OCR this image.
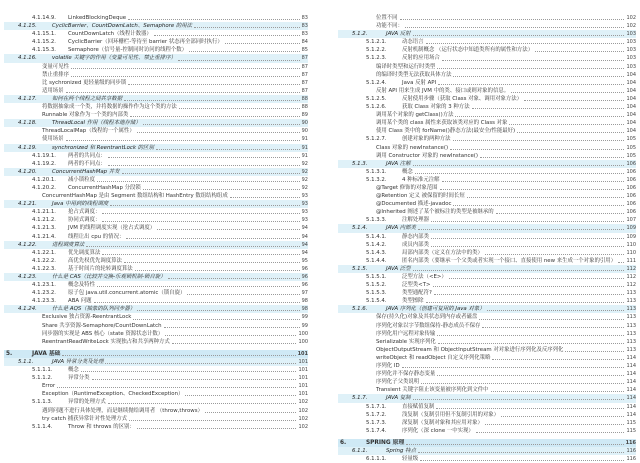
4.1.14.9.	LinkedBlockingDeque	83
4.1.15.	CyclicBarrier、CountDownLatch、Semaphore 的用法	83
4.1.15.1.	CountDownLatch（线程计数器）	83
4.1.15.2.	CyclicBarrier（回环栅栏-等待至 barrier 状态再全部同时执行）	84
4.1.15.3.	Semaphore（信号量-控制同时访问的线程个数）	85
4.1.16.	volatile 关键字的作用（变量可见性、禁止重排序）	87
变量可见性	87
禁止重排序	87
比 sychronized 更轻量级的同步锁	87
适用场景	87
4.1.17.	如何在两个线程之间共享数据	88
将数据抽象成一个类，并将数据的操作作为这个类的方法	88
Runnable 对象作为一个类的内部类	89
4.1.18.	ThreadLocal 作用（线程本地存储）	90
ThreadLocalMap（线程的一个属性）	90
使用场景	91
4.1.19.	synchronized 和 ReentrantLock 的区别	91
4.1.19.1.	两者的共同点：	91
4.1.19.2.	两者的不同点：	92
4.1.20.	ConcurrentHashMap 并发	92
4.1.20.1.	减小锁粒度	92
4.1.20.2.	ConcurrentHashMap 分段锁	92
ConcurrentHashMap 是由 Segment 数组结构和 HashEntry 数组结构组成	93
4.1.21.	Java 中用到的线程调度	93
4.1.21.1.	抢占式调度：	93
4.1.21.2.	协同式调度：	93
4.1.21.3.	JVM 的线程调度实现（抢占式调度）	94
4.1.21.4.	线程让出 cpu 的情况：	94
4.1.22.	进程调度算法	94
4.1.22.1.	优先调度算法	94
4.1.22.2.	高优先权优先调度算法	95
4.1.22.3.	基于时间片的轮转调度算法	96
4.1.23.	什么是 CAS（比较并交换-乐观锁机制-锁自旋）	96
4.1.23.1.	概念及特性	96
4.1.23.2.	原子包 java.util.concurrent.atomic（锁自旋）	97
4.1.23.3.	ABA 问题	98
4.1.24.	什么是 AQS（抽象的队列同步器）	98
Exclusive 独占资源-ReentrantLock	99
Share 共享资源-Semaphore/CountDownLatch	99
同步器的实现是 ABS 核心（state 资源状态计数）	100
ReentrantReadWriteLock 实现独占和共享两种方式	100
5.	JAVA 基础	101
5.1.1.	JAVA 异常分类及处理	101
5.1.1.1.	概念	101
5.1.1.2.	异常分类	101
Error	101
Exception（RuntimeException、CheckedException）	101
5.1.1.3.	异常的处理方式	102
遇到问题不进行具体处理，而是继续抛给调用者 （throw,throws）	102
try catch 捕获异常针对性处理方式	102
5.1.1.4.	Throw 和 throws 的区别：	102
位置不同	102
功能不同：	102
5.1.2.	JAVA 反射	103
5.1.2.1.	动态语言	103
5.1.2.2.	反射机制概念 （运行状态中知道类所有的属性和方法）	103
5.1.2.3.	反射的应用场合	103
编译时类型和运行时类型	103
的编译时类型无法获取具体方法	104
5.1.2.4.	Java 反射 API	104
反射 API 用来生成 JVM 中的类、接口或则对象的信息。	104
5.1.2.5.	反射使用步骤（获取 Class 对象、调用对象方法）	104
5.1.2.6.	获取 Class 对象的 3 种方法	104
调用某个对象的 getClass()方法	104
调用某个类的 class 属性来获取该类对应的 Class 对象	104
使用 Class 类中的 forName()静态方法(最安全/性能最好)	104
5.1.2.7.	创建对象的两种方法	105
Class 对象的 newInstance()	105
调用 Constructor 对象的 newInstance()	105
5.1.3.	JAVA 注解	106
5.1.3.1.	概念	106
5.1.3.2.	4 种标准元注解	106
@Target 修饰的对象范围	106
@Retention 定义 被保留的时间长短	106
@Documented 描述-javadoc	106
@Inherited 阐述了某个被标注的类型是被继承的	106
5.1.3.3.	注解处理器	107
5.1.4.	JAVA 内部类	109
5.1.4.1.	静态内部类	109
5.1.4.2.	成员内部类	110
5.1.4.3.	局部内部类（定义在方法中的类）	110
5.1.4.4.	匿名内部类（要继承一个父类或者实现一个接口、直接使用 new 来生成一个对象的引用） 111
5.1.5.	JAVA 泛型	112
5.1.5.1.	泛型方法（<E>）	112
5.1.5.2.	泛型类<T>	112
5.1.5.3.	类型通配符?	113
5.1.5.4.	类型擦除	113
5.1.6.	JAVA 序列化（创建可复用的 Java 对象）	113
保存(持久化)对象及其状态到内存或者磁盘	113
序列化对象以字节数组保持-静态成员不保存	113
序列化用户远程对象传输	113
Serializable 实现序列化	113
ObjectOutputStream 和 ObjectInputStream 对对象进行序列化及反序列化	113
writeObject 和 readObject 自定义序列化策略	114
序列化 ID	114
序列化并不保存静态变量	114
序列化子父类说明	114
Transient 关键字阻止该变量被序列化到文件中	114
5.1.7.	JAVA 复制	114
5.1.7.1.	直接赋值复制	114
5.1.7.2.	浅复制（复制引用但不复制引用的对象）	114
5.1.7.3.	深复制（复制对象和其应用对象）	115
5.1.7.4.	序列化（深 clone 一中实现）	115
6.	SPRING 原理	116
6.1.1.	Spring 特点	116
6.1.1.1.	轻量级	116
